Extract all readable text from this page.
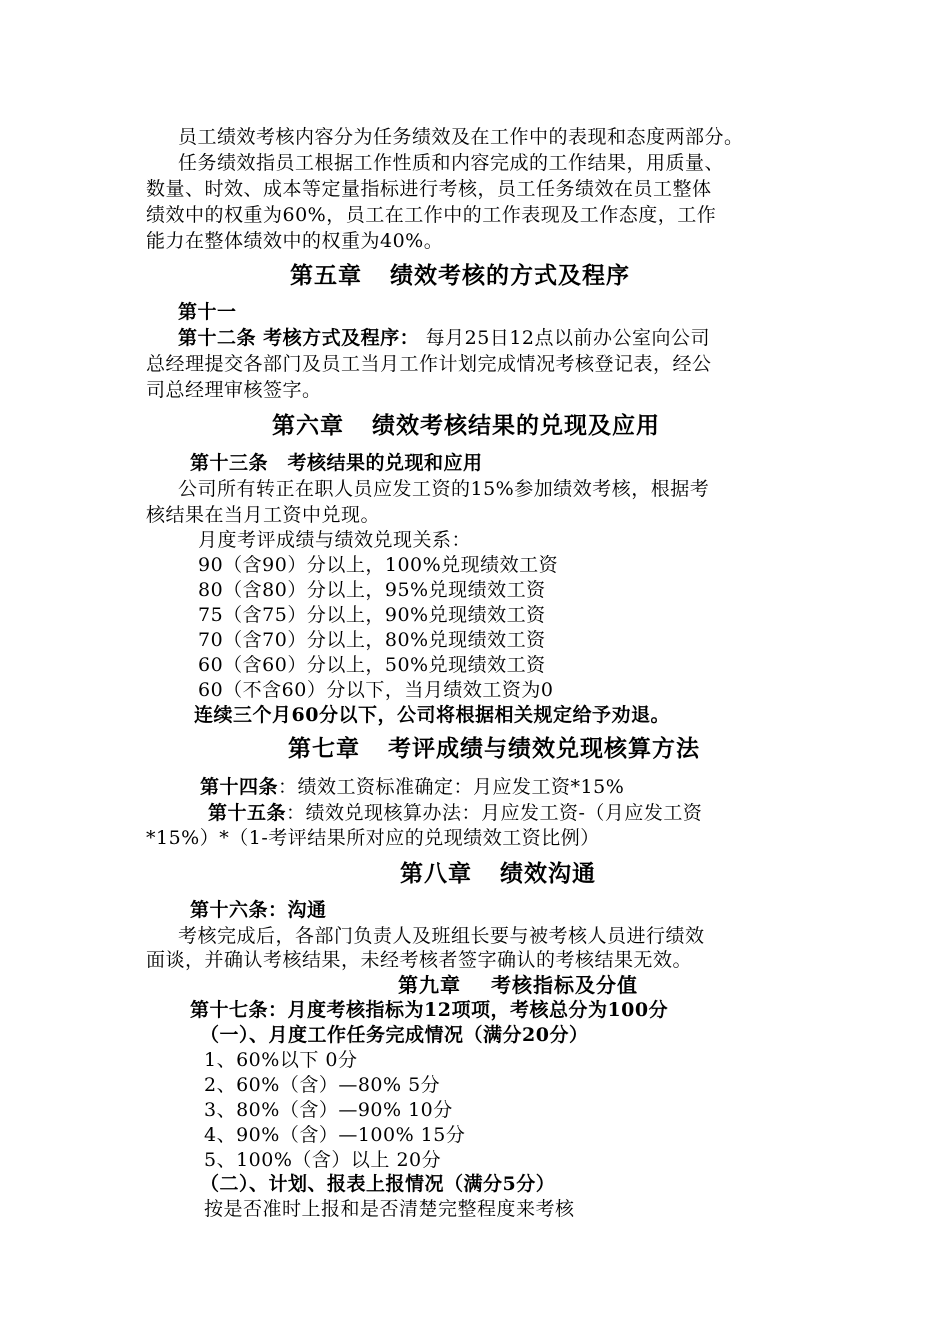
员工绩效考核内容分为任务绩效及在工作中的表现和态度两部分。
任务绩效指员工根据工作性质和内容完成的工作结果，用质量、
数量、时效、成本等定量指标进行考核，员工任务绩效在员工整体
绩效中的权重为60%，员工在工作中的工作表现及工作态度，工作
能力在整体绩效中的权重为40%。
第五章 绩效考核的方式及程序
第十一
第十二条 考核方式及程序： 每月25日12点以前办公室向公司
总经理提交各部门及员工当月工作计划完成情况考核登记表，经公
司总经理审核签字。
第六章 绩效考核结果的兑现及应用
第十三条　考核结果的兑现和应用
公司所有转正在职人员应发工资的15%参加绩效考核，根据考
核结果在当月工资中兑现。
月度考评成绩与绩效兑现关系：
90（含90）分以上，100%兑现绩效工资
80（含80）分以上，95%兑现绩效工资
75（含75）分以上，90%兑现绩效工资
70（含70）分以上，80%兑现绩效工资
60（含60）分以上，50%兑现绩效工资
60（不含60）分以下，当月绩效工资为0
连续三个月60分以下，公司将根据相关规定给予劝退。
第七章 考评成绩与绩效兑现核算方法
第十四条：绩效工资标准确定：月应发工资*15%
第十五条：绩效兑现核算办法：月应发工资-（月应发工资
*15%）*（1-考评结果所对应的兑现绩效工资比例）
第八章 绩效沟通
第十六条：沟通
考核完成后，各部门负责人及班组长要与被考核人员进行绩效
面谈，并确认考核结果，未经考核者签字确认的考核结果无效。
第九章 考核指标及分值
第十七条：月度考核指标为12项项，考核总分为100分
（一）、月度工作任务完成情况（满分20分）
1、60%以下 0分
2、60%（含）—80% 5分
3、80%（含）—90% 10分
4、90%（含）—100% 15分
5、100%（含）以上 20分
（二）、计划、报表上报情况（满分5分）
按是否准时上报和是否清楚完整程度来考核
